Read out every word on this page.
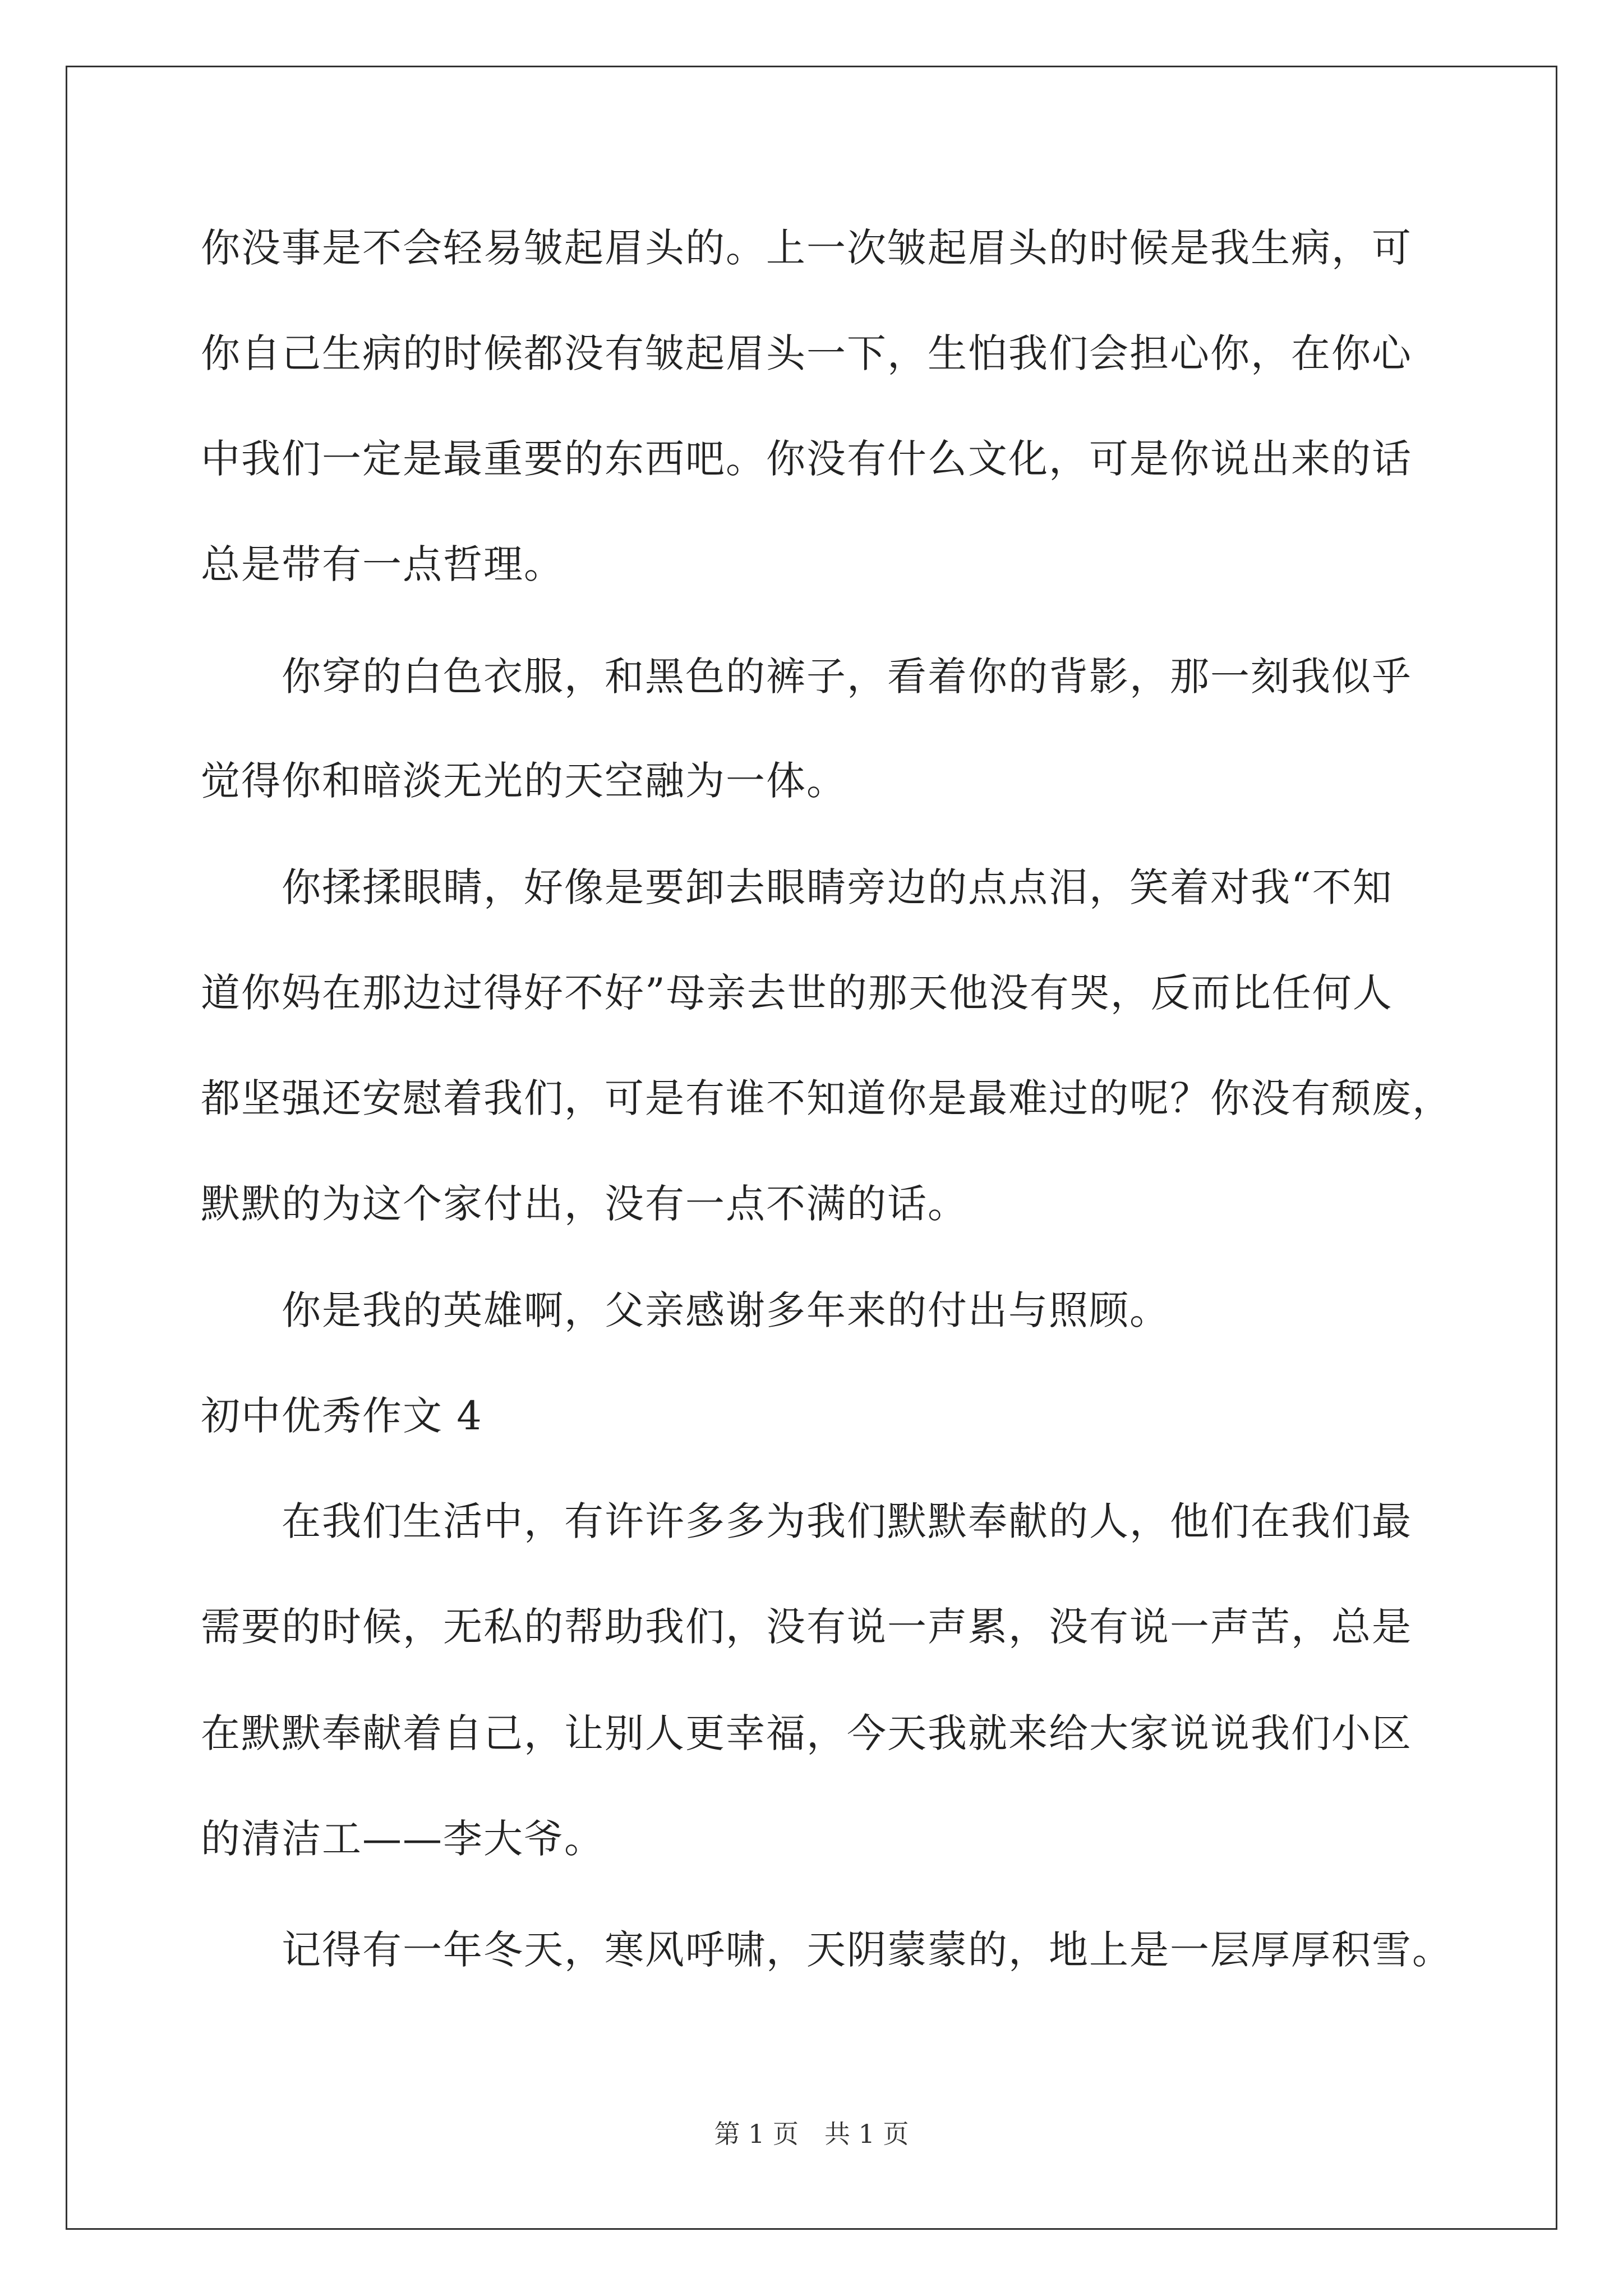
你没事是不会轻易皱起眉头的。上一次皱起眉头的时候是我生病，可
你自己生病的时候都没有皱起眉头一下，生怕我们会担心你，在你心
中我们一定是最重要的东西吧。你没有什么文化，可是你说出来的话
总是带有一点哲理。
　　你穿的白色衣服，和黑色的裤子，看着你的背影，那一刻我似乎
觉得你和暗淡无光的天空融为一体。
　　你揉揉眼睛，好像是要卸去眼睛旁边的点点泪，笑着对我“不知
道你妈在那边过得好不好”母亲去世的那天他没有哭，反而比任何人
都坚强还安慰着我们，可是有谁不知道你是最难过的呢？你没有颓废，
默默的为这个家付出，没有一点不满的话。
　　你是我的英雄啊，父亲感谢多年来的付出与照顾。
初中优秀作文 4
　　在我们生活中，有许许多多为我们默默奉献的人，他们在我们最
需要的时候，无私的帮助我们，没有说一声累，没有说一声苦，总是
在默默奉献着自己，让别人更幸福，今天我就来给大家说说我们小区
的清洁工——李大爷。
　　记得有一年冬天，寒风呼啸，天阴蒙蒙的，地上是一层厚厚积雪。
第 1 页　共 1 页
